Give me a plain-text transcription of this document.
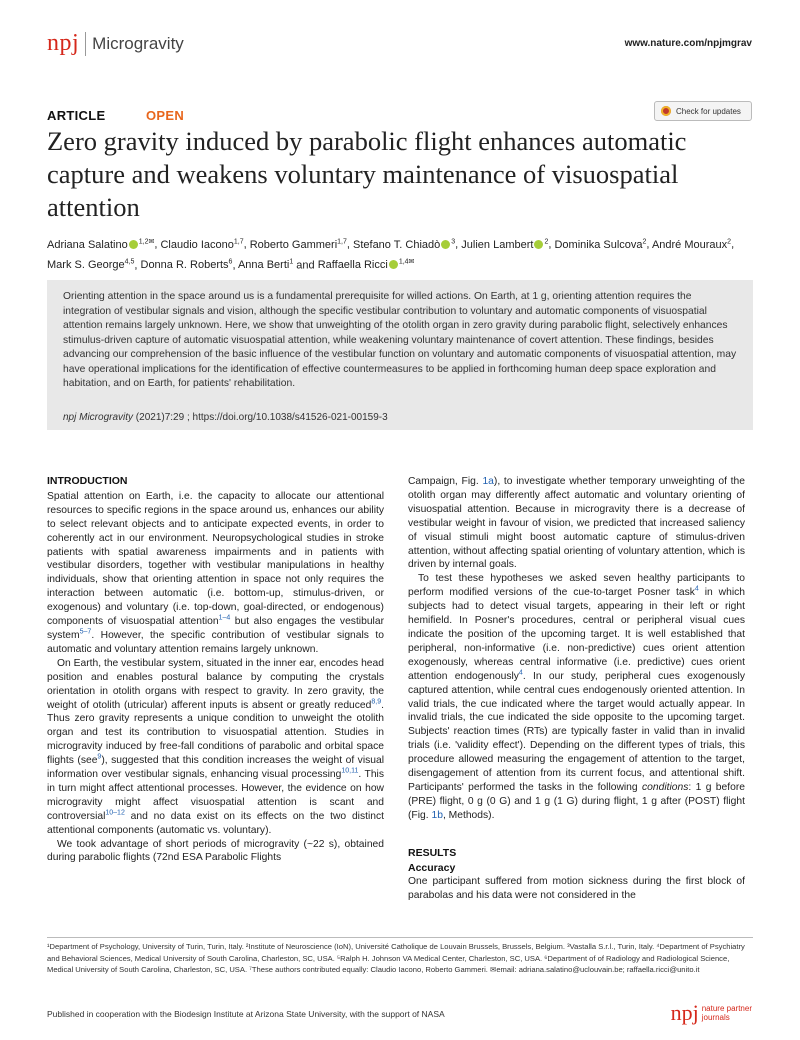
npj Microgravity	www.nature.com/npjmgrav
ARTICLE	OPEN	Check for updates
Zero gravity induced by parabolic flight enhances automatic capture and weakens voluntary maintenance of visuospatial attention
Adriana Salatino $^{1,2✉}$, Claudio Iacono$^{1,7}$, Roberto Gammeri$^{1,7}$, Stefano T. Chiadò $^3$, Julien Lambert $^2$, Dominika Sulcova$^2$, André Mouraux$^2$, Mark S. George$^{4,5}$, Donna R. Roberts$^6$, Anna Berti$^1$ and Raffaella Ricci $^{1,4✉}$

Orienting attention in the space around us is a fundamental prerequisite for willed actions. On Earth, at 1 g, orienting attention requires the integration of vestibular signals and vision, although the specific vestibular contribution to voluntary and automatic components of visuospatial attention remains largely unknown. Here, we show that unweighting of the otolith organ in zero gravity during parabolic flight, selectively enhances stimulus-driven capture of automatic visuospatial attention, while weakening voluntary maintenance of covert attention. These findings, besides advancing our comprehension of the basic influence of the vestibular function on voluntary and automatic components of visuospatial attention, may have operational implications for the identification of effective countermeasures to be applied in forthcoming human deep space exploration and habitation, and on Earth, for patients' rehabilitation.

npj Microgravity (2021)7:29 ; https://doi.org/10.1038/s41526-021-00159-3
INTRODUCTION

Spatial attention on Earth, i.e. the capacity to allocate our attentional resources to specific regions in the space around us, enhances our ability to select relevant objects and to anticipate expected events, in order to coherently act in our environment. Neuropsychological studies in stroke patients with spatial awareness impairments and in patients with vestibular disorders, together with vestibular manipulations in healthy individuals, show that orienting attention in space not only requires the interaction between automatic (i.e. bottom-up, stimulus-driven, or exogenous) and voluntary (i.e. top-down, goal-directed, or endogenous) components of visuospatial attention$^{1-4}$ but also engages the vestibular system$^{5-7}$. However, the specific contribution of vestibular signals to automatic and voluntary attention remains largely unknown.

On Earth, the vestibular system, situated in the inner ear, encodes head position and enables postural balance by computing the crystals orientation in otolith organs with respect to gravity. In zero gravity, the weight of otolith (utricular) afferent inputs is absent or greatly reduced$^{8,9}$. Thus zero gravity represents a unique condition to unweight the otolith organ and test its contribution to visuospatial attention. Studies in microgravity induced by free-fall conditions of parabolic and orbital space flights (see$^9$), suggested that this condition increases the weight of visual information over vestibular signals, enhancing visual processing$^{10,11}$. This in turn might affect attentional processes. However, the evidence on how microgravity might affect visuospatial attention is scant and controversial$^{10-12}$ and no data exist on its effects on the two distinct attentional components (automatic vs. voluntary).

We took advantage of short periods of microgravity (~22 s), obtained during parabolic flights (72nd ESA Parabolic Flights

Campaign, Fig. 1a), to investigate whether temporary unweighting of the otolith organ may differently affect automatic and voluntary orienting of visuospatial attention. Because in microgravity there is a decrease of vestibular weight in favour of vision, we predicted that increased saliency of visual stimuli might boost automatic capture of stimulus-driven attention, without affecting spatial orienting of voluntary attention, which is driven by internal goals.

To test these hypotheses we asked seven healthy participants to perform modified versions of the cue-to-target Posner task$^4$ in which subjects had to detect visual targets, appearing in their left or right hemifield. In Posner's procedures, central or peripheral visual cues indicate the position of the upcoming target. It is well established that peripheral, non-informative (i.e. non-predictive) cues orient attention exogenously, whereas central informative (i.e. predictive) cues orient attention endogenously$^4$. In our study, peripheral cues exogenously captured attention, while central cues endogenously oriented attention. In valid trials, the cue indicated where the target would actually appear. In invalid trials, the cue indicated the side opposite to the upcoming target. Subjects' reaction times (RTs) are typically faster in valid than in invalid trials (i.e. 'validity effect'). Depending on the different types of trials, this procedure allowed measuring the engagement of attention to the target, disengagement of attention from its current focus, and attentional shift. Participants' performed the tasks in the following conditions: 1 g before (PRE) flight, 0 g (0 G) and 1 g (1 G) during flight, 1 g after (POST) flight (Fig. 1b, Methods).

RESULTS
Accuracy

One participant suffered from motion sickness during the first block of parabolas and his data were not considered in the

¹Department of Psychology, University of Turin, Turin, Italy. ²Institute of Neuroscience (IoN), Université Catholique de Louvain Brussels, Brussels, Belgium. ³Vastalla S.r.l., Turin, Italy. ⁴Department of Psychiatry and Behavioral Sciences, Medical University of South Carolina, Charleston, SC, USA. ⁵Ralph H. Johnson VA Medical Center, Charleston, SC, USA. ⁶Department of of Radiology and Radiological Science, Medical University of South Carolina, Charleston, SC, USA. ⁷These authors contributed equally: Claudio Iacono, Roberto Gammeri. ✉email: adriana.salatino@uclouvain.be; raffaella.ricci@unito.it

Published in cooperation with the Biodesign Institute at Arizona State University, with the support of NASA	npj nature partner
journals
